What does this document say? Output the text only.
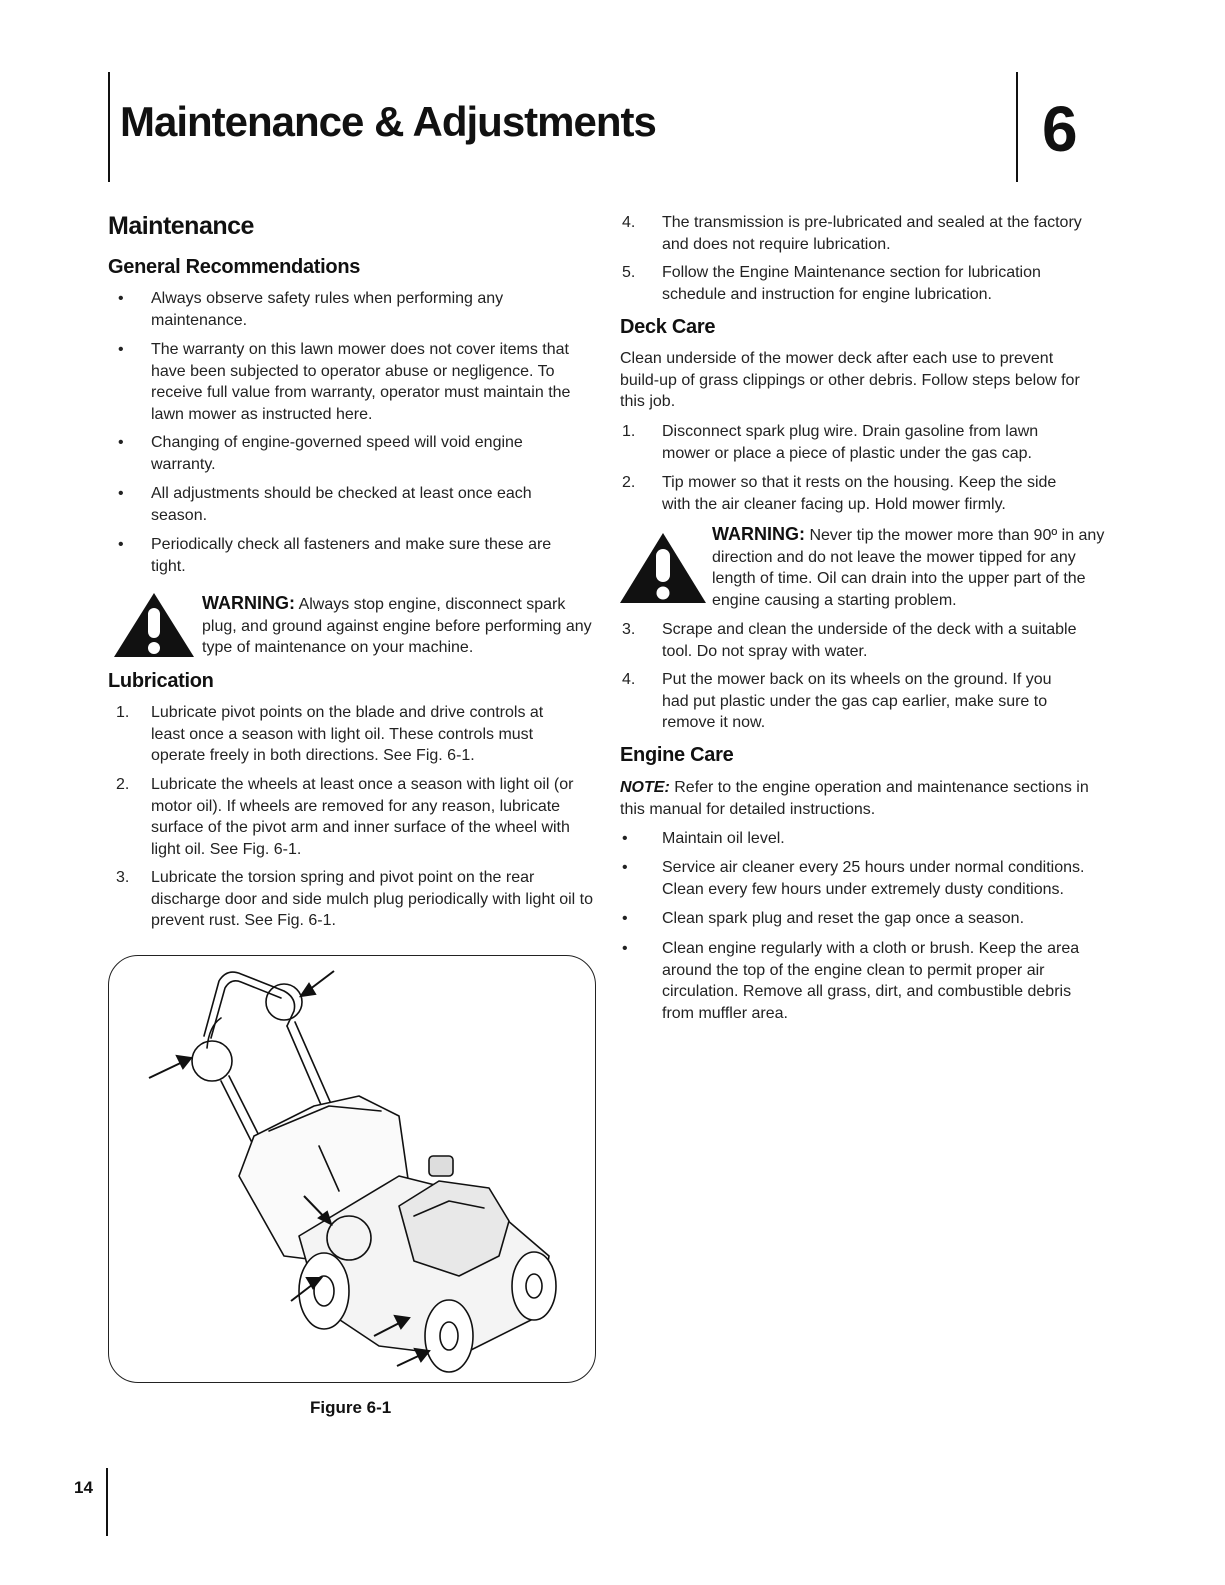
Maintenance & Adjustments	6
Maintenance
General Recommendations
• Always observe safety rules when performing any maintenance.
• The warranty on this lawn mower does not cover items that have been subjected to operator abuse or negligence. To receive full value from warranty, operator must maintain the lawn mower as instructed here.
• Changing of engine-governed speed will void engine warranty.
• All adjustments should be checked at least once each season.
• Periodically check all fasteners and make sure these are tight.
WARNING: Always stop engine, disconnect spark plug, and ground against engine before performing any type of maintenance on your machine.
Lubrication
1. Lubricate pivot points on the blade and drive controls at least once a season with light oil. These controls must operate freely in both directions. See Fig. 6-1.
2. Lubricate the wheels at least once a season with light oil (or motor oil). If wheels are removed for any reason, lubricate surface of the pivot arm and inner surface of the wheel with light oil. See Fig. 6-1.
3. Lubricate the torsion spring and pivot point on the rear discharge door and side mulch plug periodically with light oil to prevent rust. See Fig. 6-1.

Figure 6-1

4. The transmission is pre-lubricated and sealed at the factory and does not require lubrication.
5. Follow the Engine Maintenance section for lubrication schedule and instruction for engine lubrication.
Deck Care

Clean underside of the mower deck after each use to prevent build-up of grass clippings or other debris. Follow steps below for this job.

1. Disconnect spark plug wire. Drain gasoline from lawn mower or place a piece of plastic under the gas cap.
2. Tip mower so that it rests on the housing. Keep the side with the air cleaner facing up. Hold mower firmly.
WARNING: Never tip the mower more than 90º in any direction and do not leave the mower tipped for any length of time. Oil can drain into the upper part of the engine causing a starting problem.
3. Scrape and clean the underside of the deck with a suitable tool. Do not spray with water.
4. Put the mower back on its wheels on the ground. If you had put plastic under the gas cap earlier, make sure to remove it now.
Engine Care

NOTE: Refer to the engine operation and maintenance sections in this manual for detailed instructions.

• Maintain oil level.
• Service air cleaner every 25 hours under normal conditions. Clean every few hours under extremely dusty conditions.
• Clean spark plug and reset the gap once a season.
• Clean engine regularly with a cloth or brush. Keep the area around the top of the engine clean to permit proper air circulation. Remove all grass, dirt, and combustible debris from muffler area.

14
